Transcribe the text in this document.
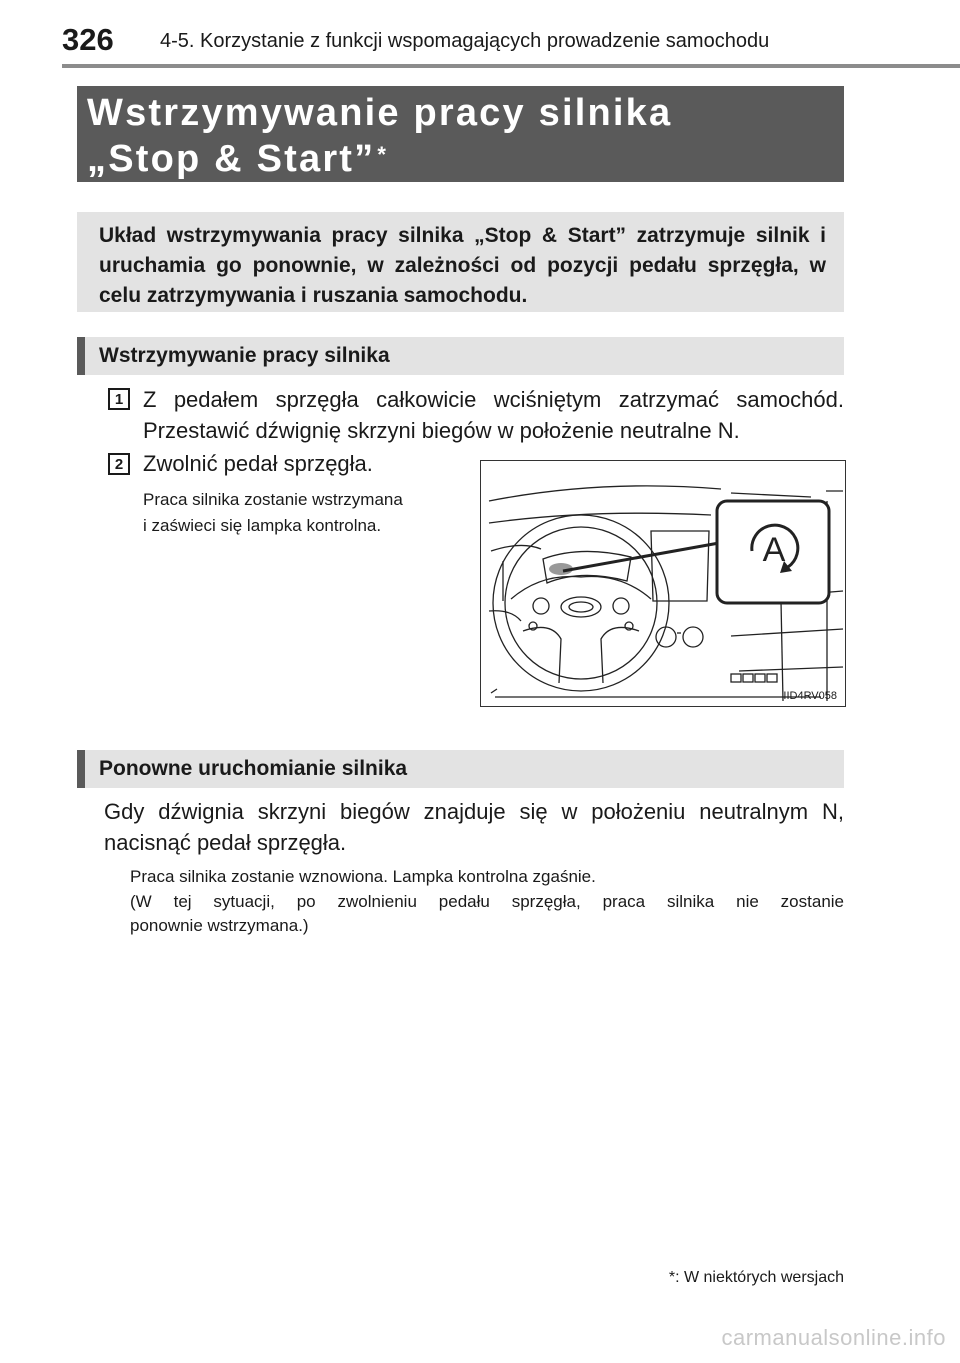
326 4-5. Korzystanie z funkcji wspomagających prowadzenie samochodu
Wstrzymywanie pracy silnika
„Stop & Start”*
Układ wstrzymywania pracy silnika „Stop & Start” zatrzymuje silnik i uruchamia go ponownie, w zależności od pozycji pedału sprzęgła, w celu zatrzymywania i ruszania samochodu.
Wstrzymywanie pracy silnika
1 Z pedałem sprzęgła całkowicie wciśniętym zatrzymać samochód.
Przestawić dźwignię skrzyni biegów w położenie neutralne N.
2 Zwolnić pedał sprzęgła.
Praca silnika zostanie wstrzymana
i zaświeci się lampka kontrolna.
A
IID4RV058
Ponowne uruchomianie silnika
Gdy dźwignia skrzyni biegów znajduje się w położeniu neutralnym N,
nacisnąć pedał sprzęgła.
Praca silnika zostanie wznowiona. Lampka kontrolna zgaśnie.
(W tej sytuacji, po zwolnieniu pedału sprzęgła, praca silnika nie zostanie
ponownie wstrzymana.)
*: W niektórych wersjach
carmanualsonline.info
